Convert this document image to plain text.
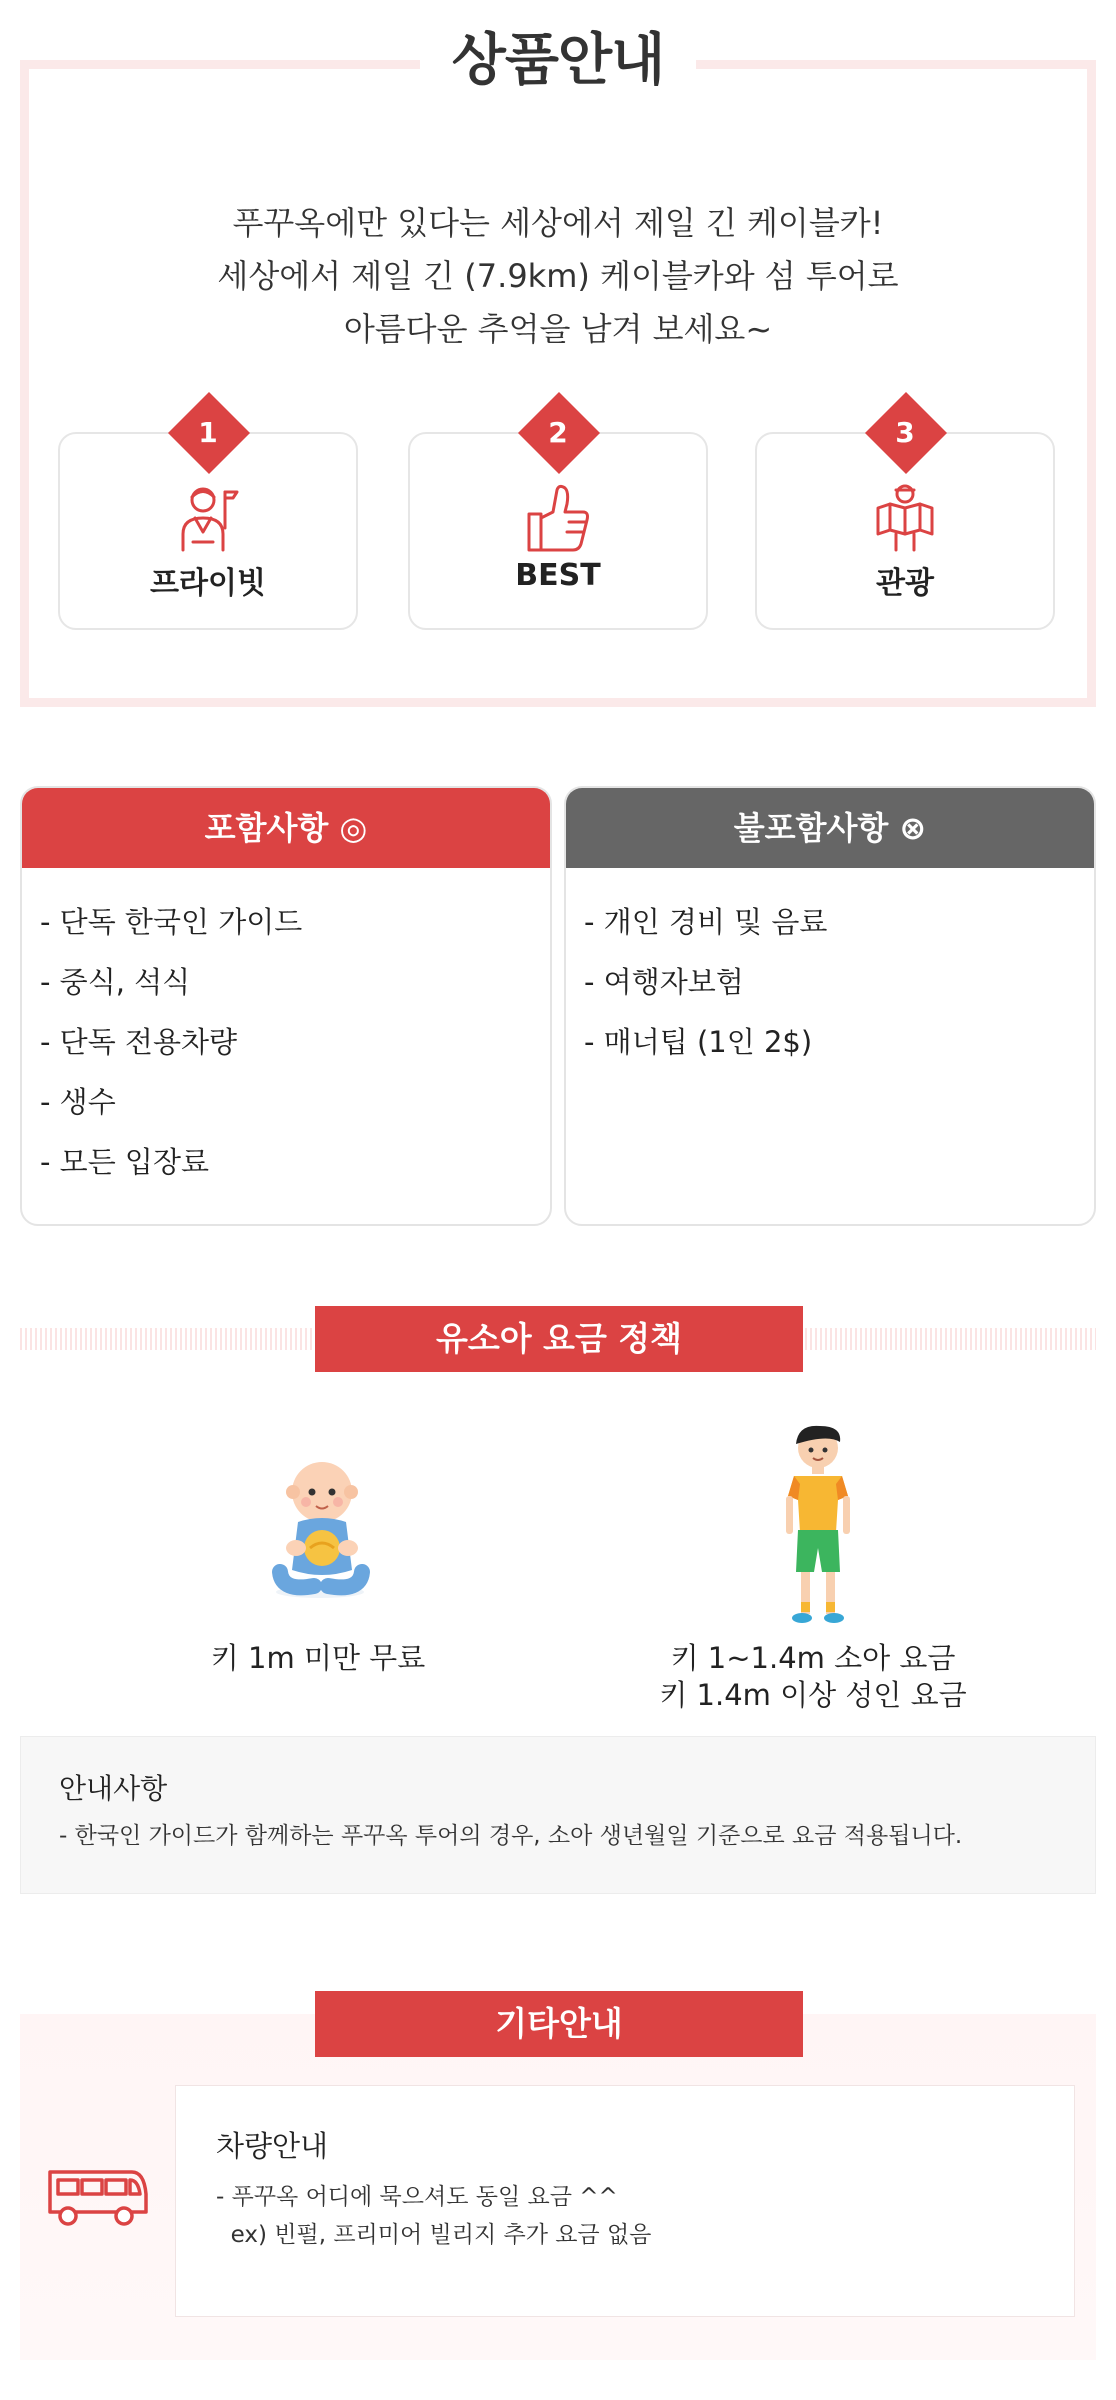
상품안내
푸꾸옥에만 있다는 세상에서 제일 긴 케이블카!
세상에서 제일 긴 (7.9km) 케이블카와 섬 투어로
아름다운 추억을 남겨 보세요~
1
프라이빗
2
BEST
3
관광
포함사항 ◎
- 단독 한국인 가이드
- 중식, 석식
- 단독 전용차량
- 생수
- 모든 입장료
불포함사항 ⊗
- 개인 경비 및 음료
- 여행자보험
- 매너팁 (1인 2$)
유소아 요금 정책
키 1m 미만 무료	키 1~1.4m 소아 요금
키 1.4m 이상 성인 요금
안내사항
- 한국인 가이드가 함께하는 푸꾸옥 투어의 경우, 소아 생년월일 기준으로 요금 적용됩니다.
기타안내
차량안내
- 푸꾸옥 어디에 묵으셔도 동일 요금 ^^
ex) 빈펄, 프리미어 빌리지 추가 요금 없음
